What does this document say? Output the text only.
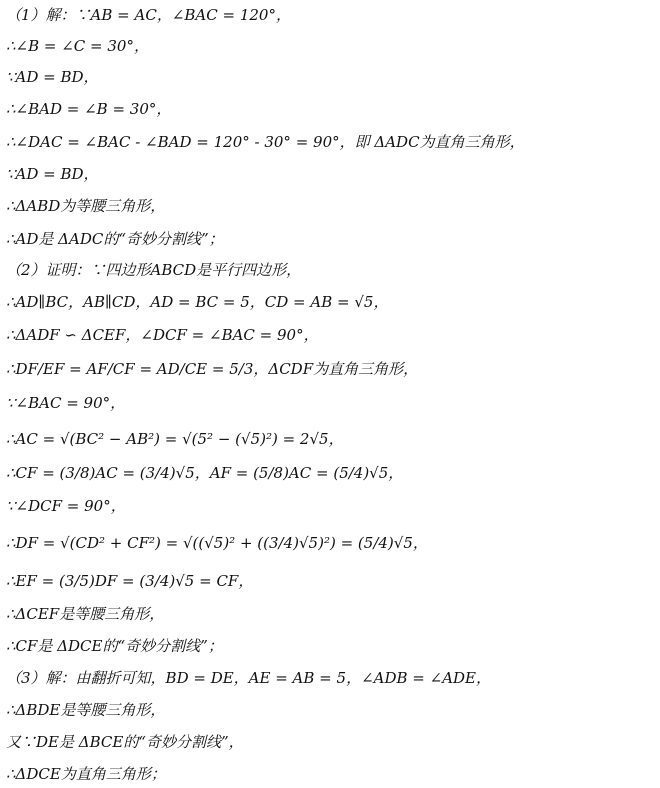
（1）解：∵AB = AC，∠BAC = 120°，
∴∠B = ∠C = 30°，
∵AD = BD，
∴∠BAD = ∠B = 30°，
∴∠DAC = ∠BAC - ∠BAD = 120° - 30° = 90°，即 ΔADC为直角三角形，
∵AD = BD，
∴ΔABD为等腰三角形，
∴AD是 ΔADC的“奇妙分割线”；
（2）证明：∵四边形ABCD是平行四边形，
∴AD∥BC，AB∥CD，AD = BC = 5，CD = AB = √5，
∴ΔADF ∽ ΔCEF，∠DCF = ∠BAC = 90°，
∴DF/EF = AF/CF = AD/CE = 5/3，ΔCDF为直角三角形，
∵∠BAC = 90°，
∴AC = √(BC² − AB²) = √(5² − (√5)²) = 2√5，
∴CF = (3/8)AC = (3/4)√5，AF = (5/8)AC = (5/4)√5，
∵∠DCF = 90°，
∴DF = √(CD² + CF²) = √((√5)² + ((3/4)√5)²) = (5/4)√5，
∴EF = (3/5)DF = (3/4)√5 = CF，
∴ΔCEF是等腰三角形，
∴CF是 ΔDCE的“奇妙分割线”；
（3）解：由翻折可知，BD = DE，AE = AB = 5，∠ADB = ∠ADE，
∴ΔBDE是等腰三角形，
又∵DE是 ΔBCE的“奇妙分割线”，
∴ΔDCE为直角三角形；
